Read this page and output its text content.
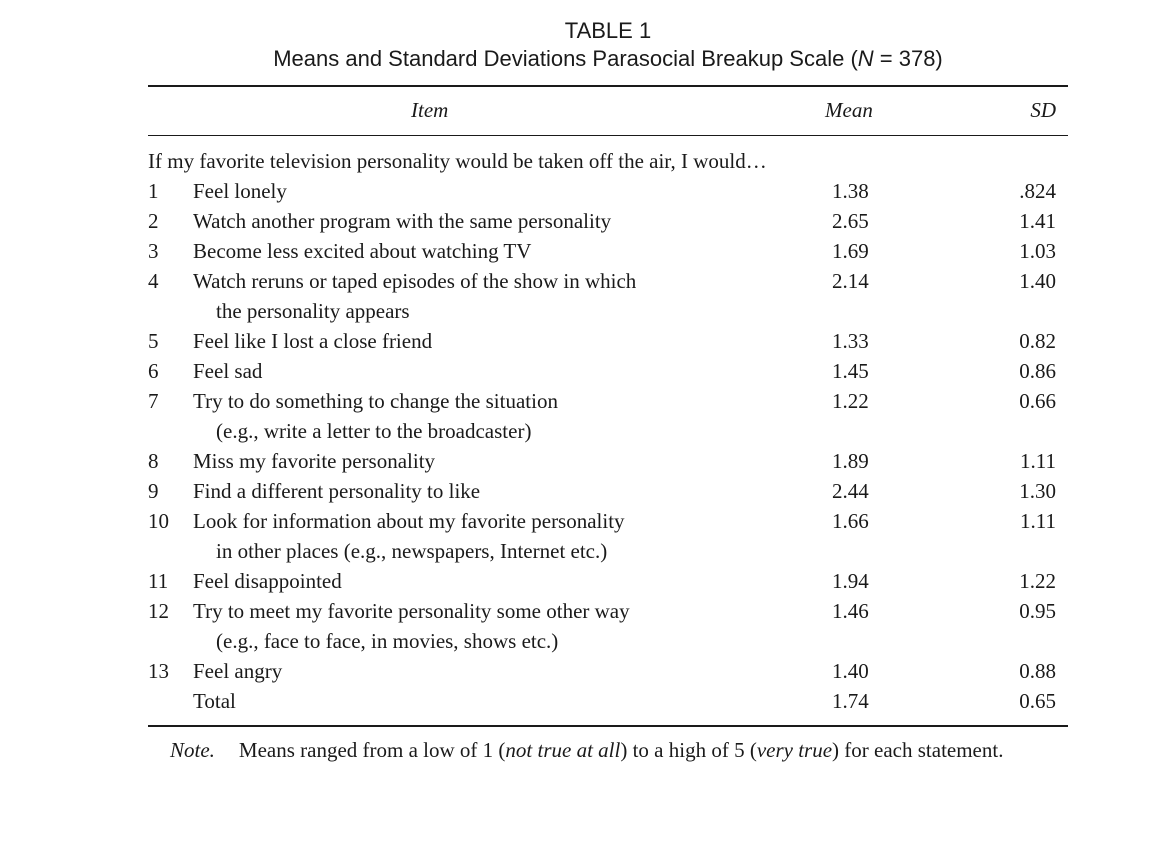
TABLE 1
Means and Standard Deviations Parasocial Breakup Scale (N = 378)
Item	Mean	SD
If my favorite television personality would be taken off the air, I would…
1 Feel lonely	1.38	.824
2 Watch another program with the same personality	2.65	1.41
3 Become less excited about watching TV	1.69	1.03
4 Watch reruns or taped episodes of the show in which
the personality appears
2.14	1.40
5 Feel like I lost a close friend	1.33	0.82
6 Feel sad	1.45	0.86
7 Try to do something to change the situation
(e.g., write a letter to the broadcaster)
1.22	0.66
8 Miss my favorite personality	1.89	1.11
9 Find a different personality to like	2.44	1.30
10 Look for information about my favorite personality
in other places (e.g., newspapers, Internet etc.)
1.66	1.11
11 Feel disappointed	1.94	1.22
12 Try to meet my favorite personality some other way
(e.g., face to face, in movies, shows etc.)
1.46	0.95
13 Feel angry	1.40	0.88
Total	1.74	0.65
Note. Means ranged from a low of 1 (not true at all) to a high of 5 (very true) for each statement.
